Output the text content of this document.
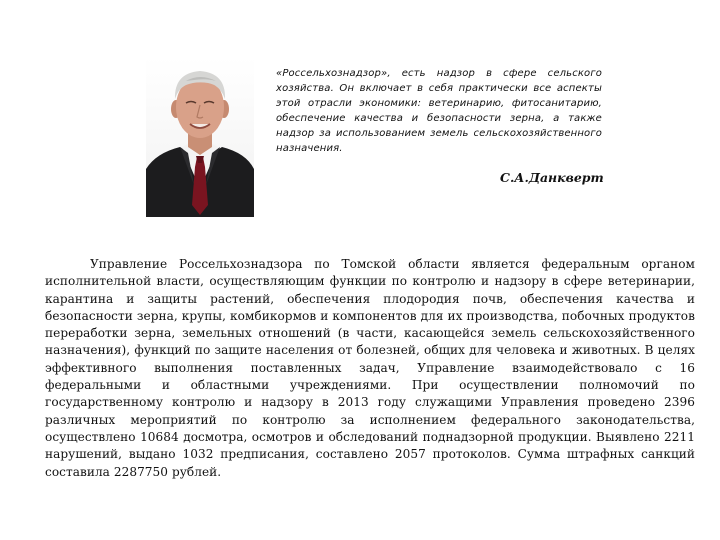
«Россельхознадзор», есть надзор в сфере сельского хозяйства. Он включает в себя практически все аспекты этой отрасли экономики: ветеринарию, фитосанитарию, обеспечение качества и безопасности зерна, а также надзор за использованием земель сельскохозяйственного назначения.
С.А.Данкверт

Управление Россельхознадзора по Томской области является федеральным органом исполнительной власти, осуществляющим функции по контролю и надзору в сфере ветеринарии, карантина и защиты растений, обеспечения плодородия почв, обеспечения качества и безопасности зерна, крупы, комбикормов и компонентов для их производства, побочных продуктов переработки зерна, земельных отношений (в части, касающейся земель сельскохозяйственного назначения), функций по защите населения от болезней, общих для человека и животных. В целях эффективного выполнения поставленных задач, Управление взаимодействовало с 16 федеральными и областными учреждениями. При осуществлении полномочий по государственному контролю и надзору в 2013 году служащими Управления проведено 2396 различных мероприятий по контролю за исполнением федерального законодательства, осуществлено 10684 досмотра, осмотров и обследований поднадзорной продукции. Выявлено 2211 нарушений, выдано 1032 предписания, составлено 2057 протоколов. Сумма штрафных санкций составила 2287750 рублей.
